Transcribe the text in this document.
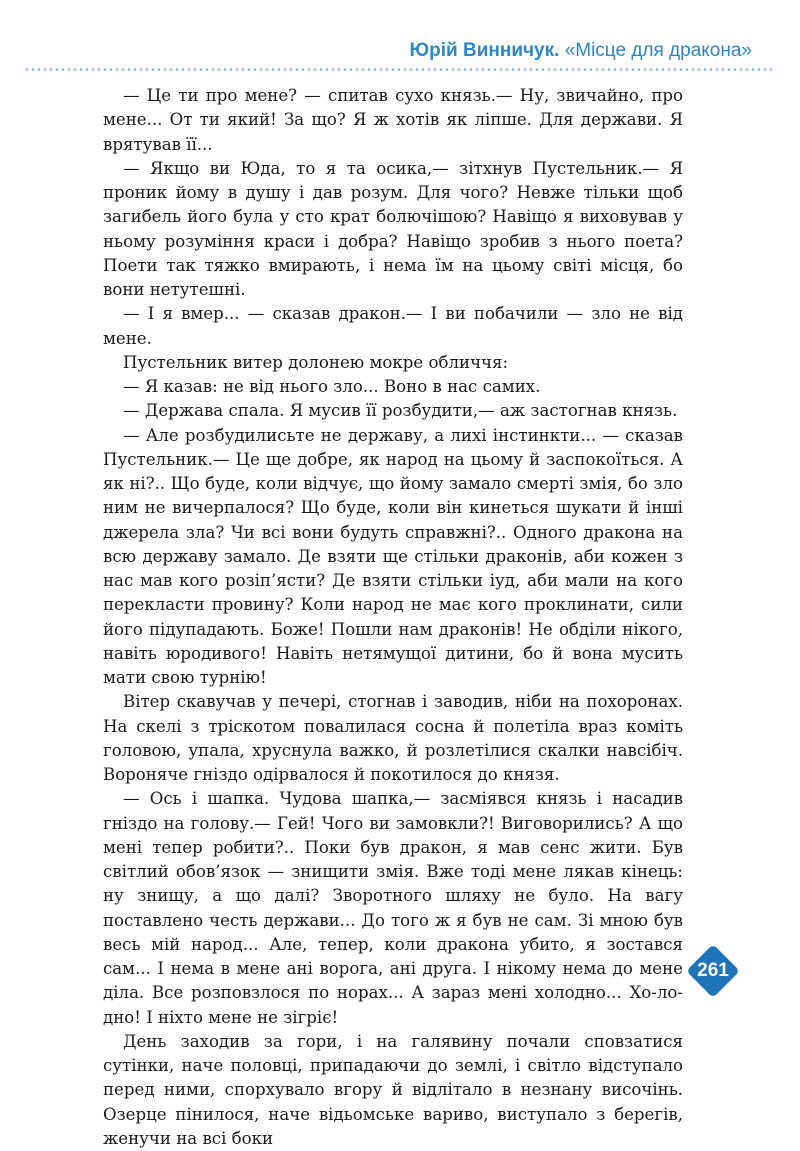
Юрій Винничук. «Місце для дракона»

— Це ти про мене? — спитав сухо князь.— Ну, звичайно, про мене... От ти який! За що? Я ж хотів як ліпше. Для держави. Я врятував її...

— Якщо ви Юда, то я та осика,— зітхнув Пустельник.— Я проник йому в душу і дав розум. Для чого? Невже тільки щоб загибель його була у сто крат болючішою? Навіщо я виховував у ньому розуміння краси і добра? Навіщо зробив з нього поета? Поети так тяжко вмирають, і нема їм на цьому світі місця, бо вони нетутешні.

— І я вмер... — сказав дракон.— І ви побачили — зло не від мене.

Пустельник витер долонею мокре обличчя:

— Я казав: не від нього зло... Воно в нас самих.

— Держава спала. Я мусив її розбудити,— аж застогнав князь.

— Але розбудилисьте не державу, а лихі інстинкти... — сказав Пустельник.— Це ще добре, як народ на цьому й заспокоїться. А як ні?.. Що буде, коли відчує, що йому замало смерті змія, бо зло ним не вичерпалося? Що буде, коли він кинеться шукати й інші джерела зла? Чи всі вони будуть справжні?.. Одного дракона на всю державу замало. Де взяти ще стільки драконів, аби кожен з нас мав кого розіп’ясти? Де взяти стільки іуд, аби мали на кого перекласти провину? Коли народ не має кого проклинати, сили його підупадають. Боже! Пошли нам драконів! Не обділи нікого, навіть юродивого! Навіть нетямущої дитини, бо й вона мусить мати свою турнію!

Вітер скавучав у печері, стогнав і заводив, ніби на похоронах. На скелі з тріскотом повалилася сосна й полетіла враз коміть головою, упала, хруснула важко, й розлетілися скалки навсібіч. Вороняче гніздо одірвалося й покотилося до князя.

— Ось і шапка. Чудова шапка,— засміявся князь і насадив гніздо на голову.— Гей! Чого ви замовкли?! Виговорились? А що мені тепер робити?.. Поки був дракон, я мав сенс жити. Був світлий обов’язок — знищити змія. Вже тоді мене лякав кінець: ну знищу, а що далі? Зворотного шляху не було. На вагу поставлено честь держави... До того ж я був не сам. Зі мною був весь мій народ... Але, тепер, коли дракона убито, я зостався сам... І нема в мене ані ворога, ані друга. І нікому нема до мене діла. Все розповзлося по норах... А зараз мені холодно... Хо-ло-дно! І ніхто мене не зігріє!

День заходив за гори, і на галявину почали сповзатися сутінки, наче половці, припадаючи до землі, і світло відступало перед ними, спорхувало вгору й відлітало в незнану височінь. Озерце пінилося, наче відьомське вариво, виступало з берегів, женучи на всі боки

261
